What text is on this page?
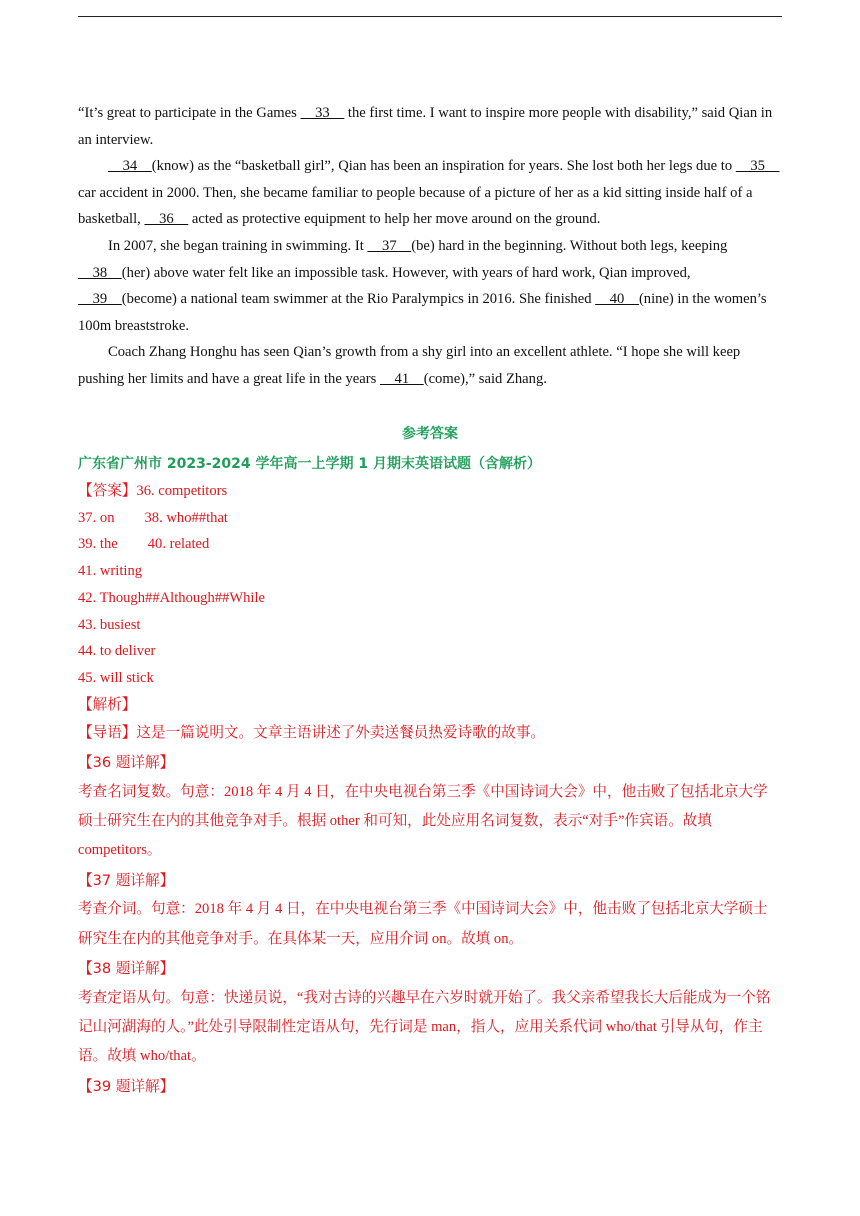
“It’s great to participate in the Games     33     the first time. I want to inspire more people with disability,” said Qian in an interview.

34    (know) as the “basketball girl”, Qian has been an inspiration for years. She lost both her legs due to     35     car accident in 2000. Then, she became familiar to people because of a picture of her as a kid sitting inside half of a basketball,     36     acted as protective equipment to help her move around on the ground.

In 2007, she began training in swimming. It     37    (be) hard in the beginning. Without both legs, keeping     38    (her) above water felt like an impossible task. However, with years of hard work, Qian improved,     39    (become) a national team swimmer at the Rio Paralympics in 2016. She finished     40    (nine) in the women’s 100m breaststroke.

Coach Zhang Honghu has seen Qian’s growth from a shy girl into an excellent athlete. “I hope she will keep pushing her limits and have a great life in the years     41    (come),” said Zhang.

参考答案

广东省广州市 2023-2024 学年高一上学期 1 月期末英语试题（含解析）

【答案】36. competitors

37. on 38. who##that

39. the 40. related

41. writing

42. Though##Although##While

43. busiest

44. to deliver

45. will stick

【解析】

【导语】这是一篇说明文。文章主语讲述了外卖送餐员热爱诗歌的故事。

【36 题详解】

考查名词复数。句意：2018 年 4 月 4 日，在中央电视台第三季《中国诗词大会》中，他击败了包括北京大学硕士研究生在内的其他竞争对手。根据 other 和可知，此处应用名词复数，表示“对手”作宾语。故填 competitors。

【37 题详解】

考查介词。句意：2018 年 4 月 4 日，在中央电视台第三季《中国诗词大会》中，他击败了包括北京大学硕士研究生在内的其他竞争对手。在具体某一天，应用介词 on。故填 on。

【38 题详解】

考查定语从句。句意：快递员说，“我对古诗的兴趣早在六岁时就开始了。我父亲希望我长大后能成为一个铭记山河湖海的人。”此处引导限制性定语从句，先行词是 man，指人，应用关系代词 who/that 引导从句，作主语。故填 who/that。

【39 题详解】
